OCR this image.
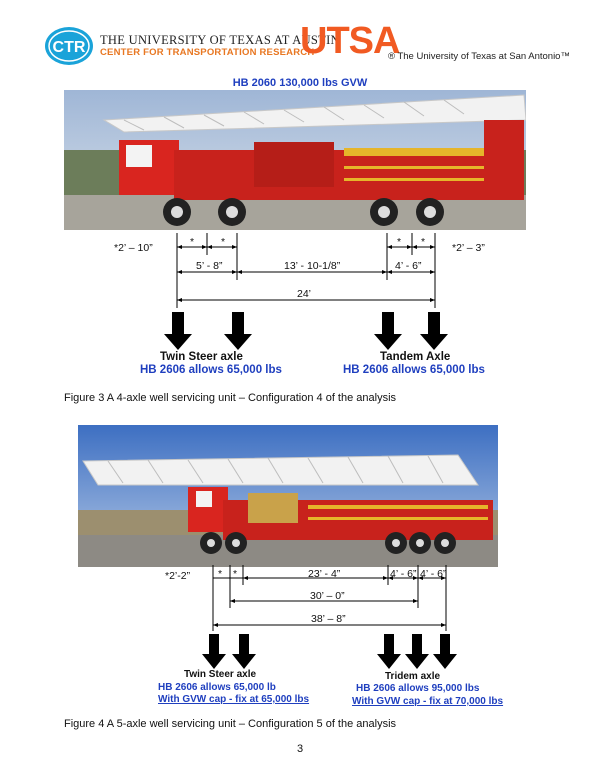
CTR THE UNIVERSITY OF TEXAS AT AUSTIN
CENTER FOR TRANSPORTATION RESEARCH
UTSA
® The University of Texas at San Antonio™
HB 2060 130,000 lbs GVW
*2’ – 10”	*2’ – 3”
*	*	* *
5’ - 8”	13’ - 10-1/8”	4’ - 6”
24’
Twin Steer axle
HB 2606 allows 65,000 lbs
Tandem Axle
HB 2606 allows 65,000 lbs
Figure 3 A 4-axle well servicing unit – Configuration 4 of the analysis
*2’-2”	* *	23’ - 4”	4’ - 6” 4’ - 6”
30’ – 0”
38’ – 8”
Twin Steer axle
HB 2606 allows 65,000 lb
With GVW cap - fix at 65,000 lbs
Tridem axle
HB 2606 allows 95,000 lbs
With GVW cap - fix at 70,000 lbs
Figure 4 A 5-axle well servicing unit – Configuration 5 of the analysis
3
